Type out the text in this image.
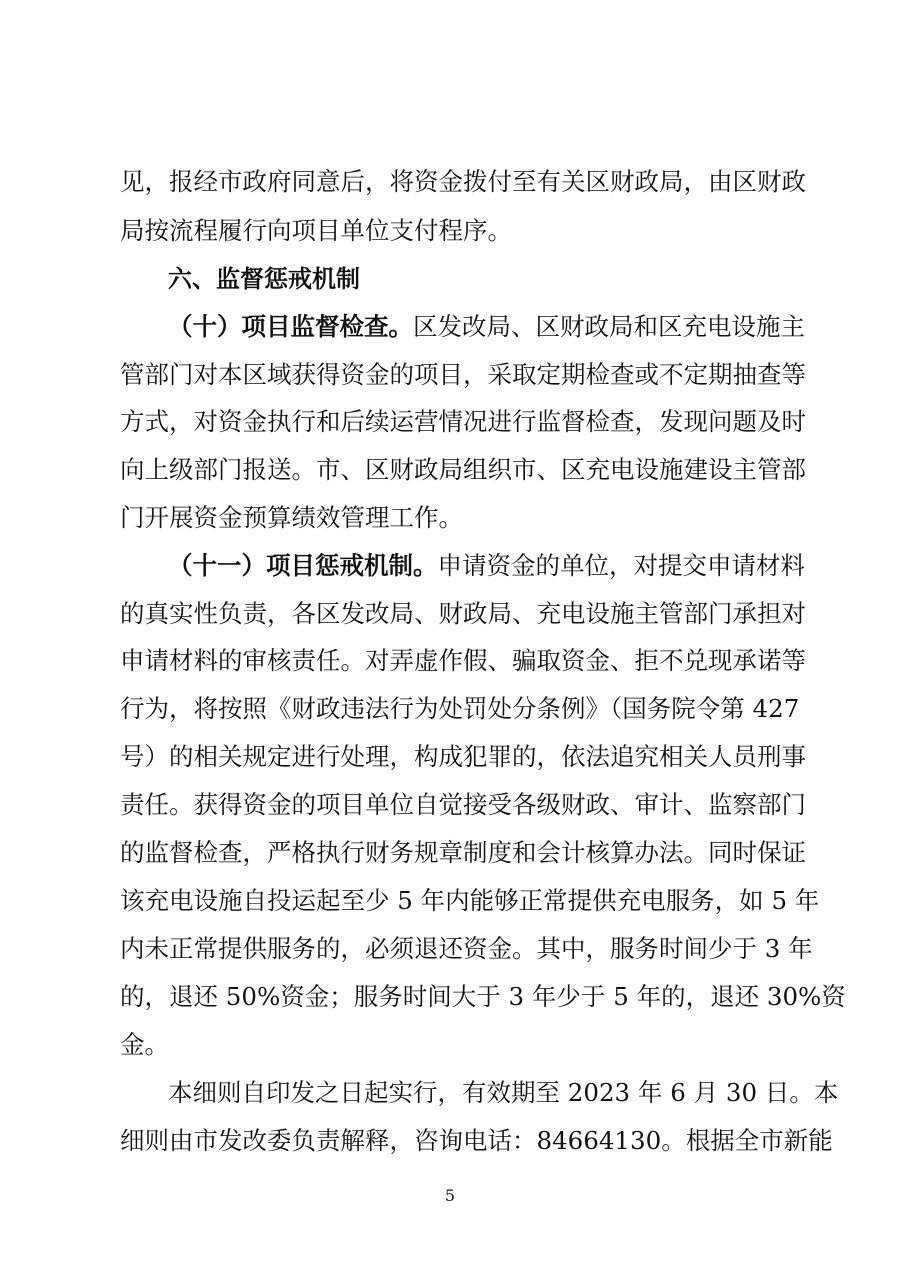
见，报经市政府同意后，将资金拨付至有关区财政局，由区财政
局按流程履行向项目单位支付程序。
六、监督惩戒机制
（十）项目监督检查。区发改局、区财政局和区充电设施主
管部门对本区域获得资金的项目，采取定期检查或不定期抽查等
方式，对资金执行和后续运营情况进行监督检查，发现问题及时
向上级部门报送。市、区财政局组织市、区充电设施建设主管部
门开展资金预算绩效管理工作。
（十一）项目惩戒机制。申请资金的单位，对提交申请材料
的真实性负责，各区发改局、财政局、充电设施主管部门承担对
申请材料的审核责任。对弄虚作假、骗取资金、拒不兑现承诺等
行为，将按照《财政违法行为处罚处分条例》（国务院令第 427
号）的相关规定进行处理，构成犯罪的，依法追究相关人员刑事
责任。获得资金的项目单位自觉接受各级财政、审计、监察部门
的监督检查，严格执行财务规章制度和会计核算办法。同时保证
该充电设施自投运起至少 5 年内能够正常提供充电服务，如 5 年
内未正常提供服务的，必须退还资金。其中，服务时间少于 3 年
的，退还 50%资金；服务时间大于 3 年少于 5 年的，退还 30%资
金。
本细则自印发之日起实行，有效期至 2023 年 6 月 30 日。本
细则由市发改委负责解释，咨询电话：84664130。根据全市新能
5
